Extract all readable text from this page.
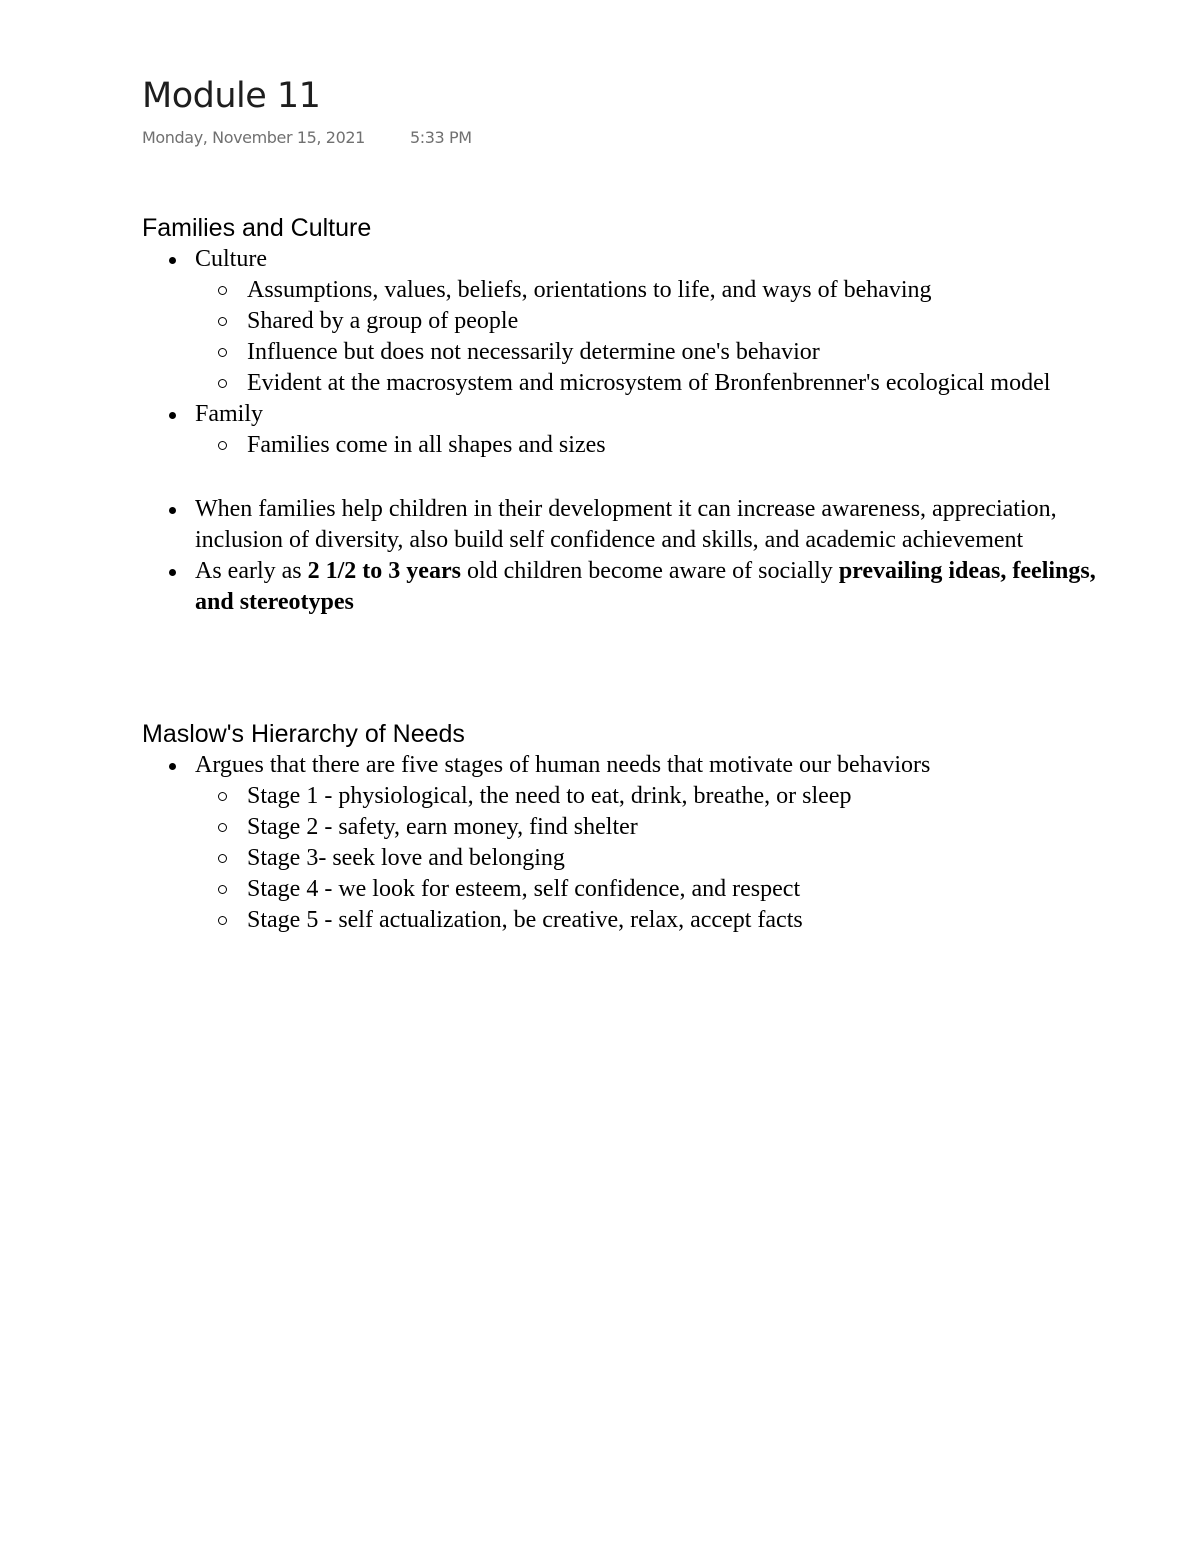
Module 11
Monday, November 15, 2021	5:33 PM
Families and Culture
Culture
Assumptions, values, beliefs, orientations to life, and ways of behaving
Shared by a group of people
Influence but does not necessarily determine one's behavior
Evident at the macrosystem and microsystem of Bronfenbrenner's ecological model
Family
Families come in all shapes and sizes
When families help children in their development it can increase awareness, appreciation, inclusion of diversity, also build self confidence and skills, and academic achievement
As early as 2 1/2 to 3 years old children become aware of socially prevailing ideas, feelings, and stereotypes
Maslow's Hierarchy of Needs
Argues that there are five stages of human needs that motivate our behaviors
Stage 1 - physiological, the need to eat, drink, breathe, or sleep
Stage 2 - safety, earn money, find shelter
Stage 3- seek love and belonging
Stage 4 - we look for esteem, self confidence, and respect
Stage 5 - self actualization, be creative, relax, accept facts
